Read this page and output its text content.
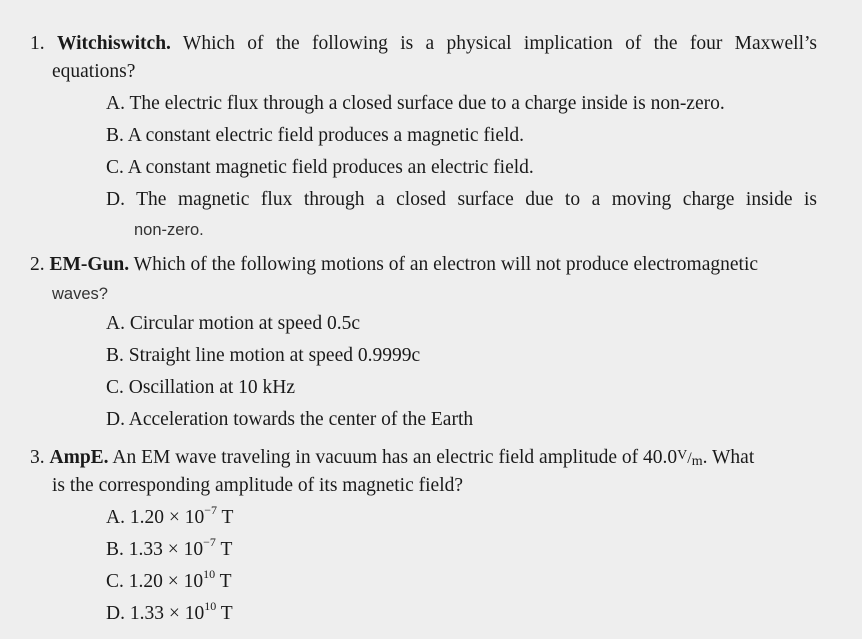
1. Witchiswitch. Which of the following is a physical implication of the four Maxwell’s
equations?
A. The electric flux through a closed surface due to a charge inside is non-zero.
B. A constant electric field produces a magnetic field.
C. A constant magnetic field produces an electric field.
D. The magnetic flux through a closed surface due to a moving charge inside is
non-zero.
2. EM-Gun. Which of the following motions of an electron will not produce electromagnetic
waves?
A. Circular motion at speed 0.5c
B. Straight line motion at speed 0.9999c
C. Oscillation at 10 kHz
D. Acceleration towards the center of the Earth
3. AmpE. An EM wave traveling in vacuum has an electric field amplitude of 40.0V/m. What
is the corresponding amplitude of its magnetic field?
A. $1.20 \times 10^{-7}$ T
B. $1.33 \times 10^{-7}$ T
C. $1.20 \times 10^{10}$ T
D. $1.33 \times 10^{10}$ T
